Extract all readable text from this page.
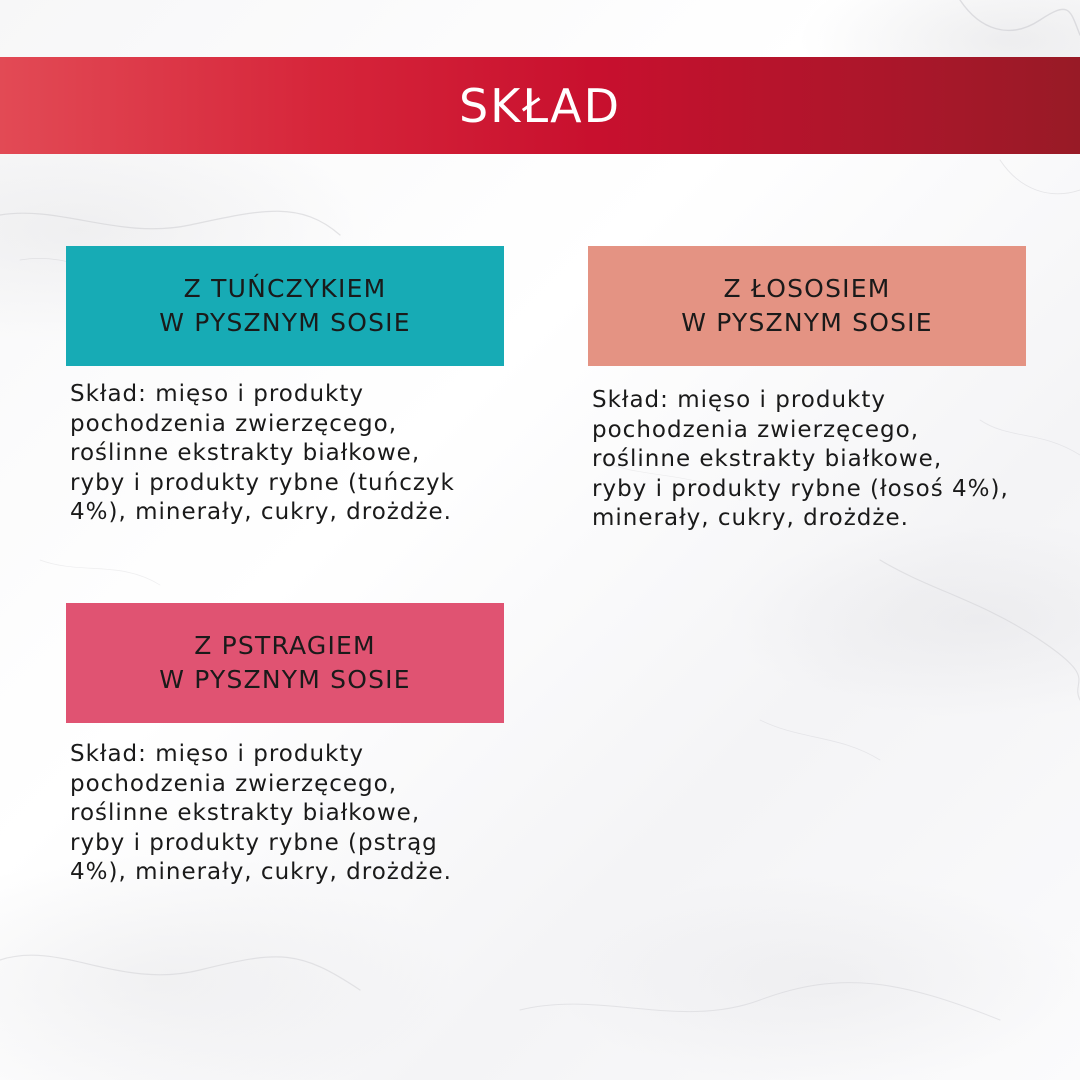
SKŁAD
Z TUŃCZYKIEM
W PYSZNYM SOSIE
Skład: mięso i produkty
pochodzenia zwierzęcego,
roślinne ekstrakty białkowe,
ryby i produkty rybne (tuńczyk
4%), minerały, cukry, drożdże.
Z ŁOSOSIEM
W PYSZNYM SOSIE
Skład: mięso i produkty
pochodzenia zwierzęcego,
roślinne ekstrakty białkowe,
ryby i produkty rybne (łosoś 4%),
minerały, cukry, drożdże.
Z PSTRAGIEM
W PYSZNYM SOSIE
Skład: mięso i produkty
pochodzenia zwierzęcego,
roślinne ekstrakty białkowe,
ryby i produkty rybne (pstrąg
4%), minerały, cukry, drożdże.
